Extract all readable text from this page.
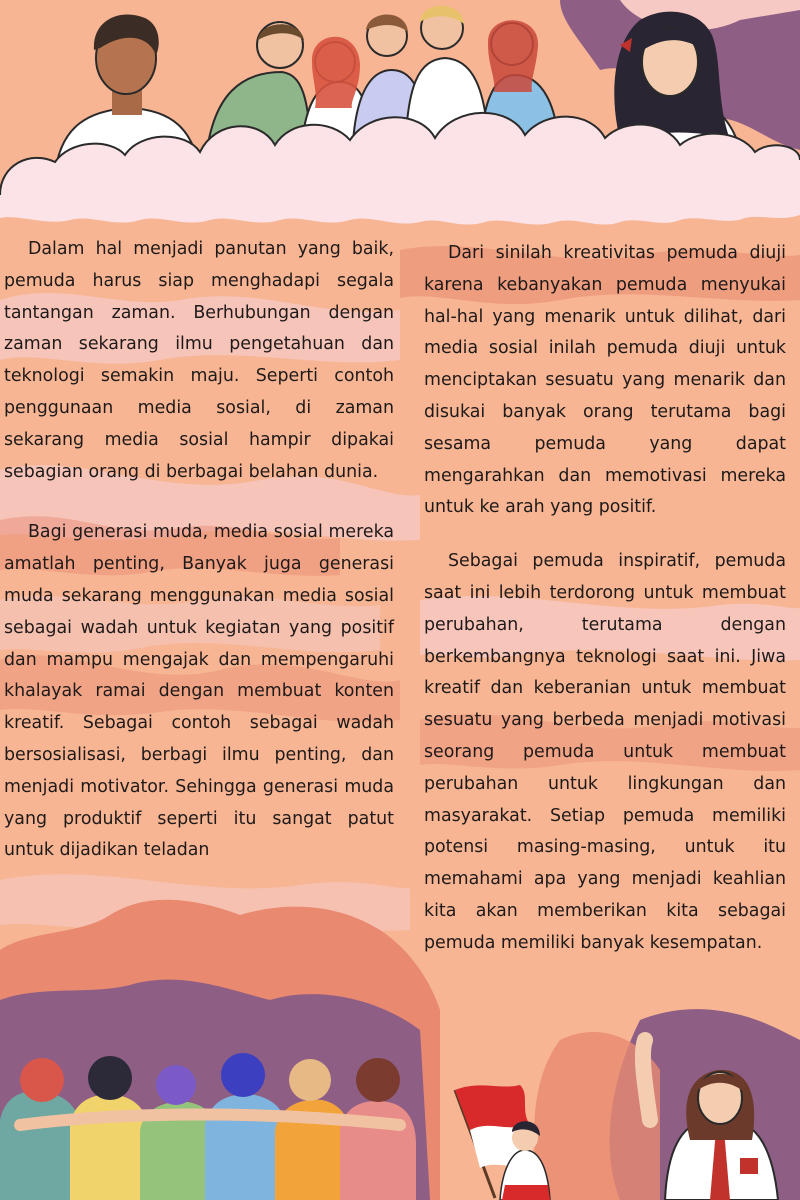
Dalam hal menjadi panutan yang baik, pemuda harus siap menghadapi segala tantangan zaman. Berhubungan dengan zaman sekarang ilmu pengetahuan dan teknologi semakin maju. Seperti contoh penggunaan media sosial, di zaman sekarang media sosial hampir dipakai sebagian orang di berbagai belahan dunia.

Bagi generasi muda, media sosial mereka amatlah penting, Banyak juga generasi muda sekarang menggunakan media sosial sebagai wadah untuk kegiatan yang positif dan mampu mengajak dan mempengaruhi khalayak ramai dengan membuat konten kreatif. Sebagai contoh sebagai wadah bersosialisasi, berbagi ilmu penting, dan menjadi motivator. Sehingga generasi muda yang produktif seperti itu sangat patut untuk dijadikan teladan

Dari sinilah kreativitas pemuda diuji karena kebanyakan pemuda menyukai hal-hal yang menarik untuk dilihat, dari media sosial inilah pemuda diuji untuk menciptakan sesuatu yang menarik dan disukai banyak orang terutama bagi sesama pemuda yang dapat mengarahkan dan memotivasi mereka untuk ke arah yang positif.

Sebagai pemuda inspiratif, pemuda saat ini lebih terdorong untuk membuat perubahan, terutama dengan berkembangnya teknologi saat ini. Jiwa kreatif dan keberanian untuk membuat sesuatu yang berbeda menjadi motivasi seorang pemuda untuk membuat perubahan untuk lingkungan dan masyarakat. Setiap pemuda memiliki potensi masing-masing, untuk itu memahami apa yang menjadi keahlian kita akan memberikan kita sebagai pemuda memiliki banyak kesempatan.
